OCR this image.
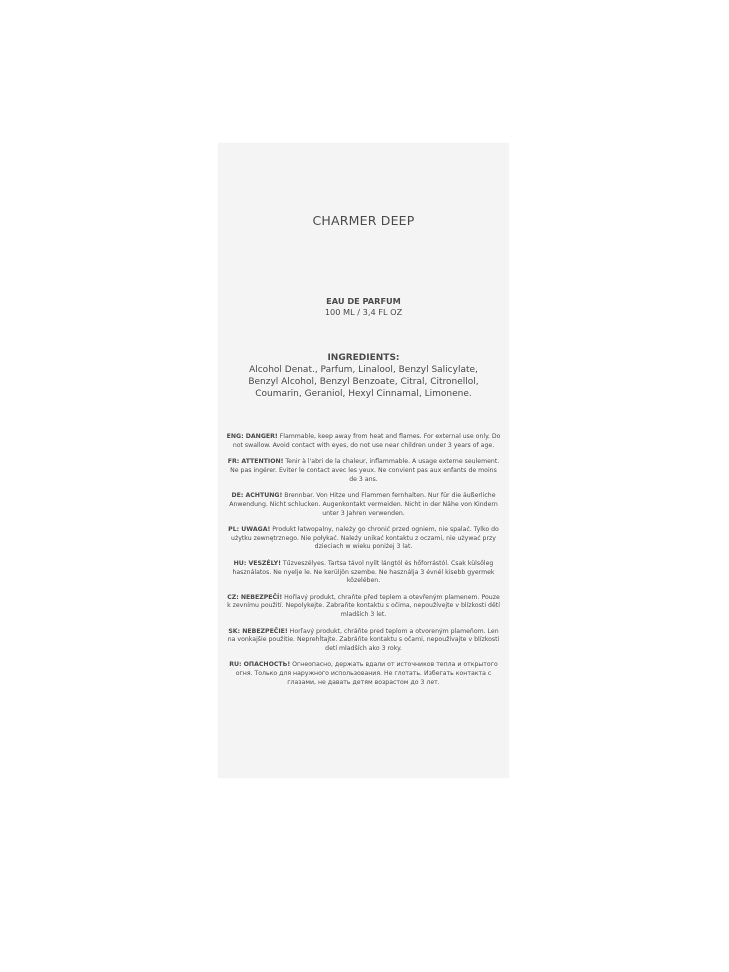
CHARMER DEEP
EAU DE PARFUM
100 ML / 3,4 FL OZ
INGREDIENTS:
Alcohol Denat., Parfum, Linalool, Benzyl Salicylate, Benzyl Alcohol, Benzyl Benzoate, Citral, Citronellol, Coumarin, Geraniol, Hexyl Cinnamal, Limonene.

ENG: DANGER! Flammable, keep away from heat and flames. For external use only. Do not swallow. Avoid contact with eyes, do not use near children under 3 years of age.

FR: ATTENTION! Tenir à l'abri de la chaleur, inflammable. A usage externe seulement. Ne pas ingérer. Eviter le contact avec les yeux. Ne convient pas aux enfants de moins de 3 ans.

DE: ACHTUNG! Brennbar. Von Hitze und Flammen fernhalten. Nur für die äußerliche Anwendung. Nicht schlucken. Augenkontakt vermeiden. Nicht in der Nähe von Kindern unter 3 Jahren verwenden.

PL: UWAGA! Produkt łatwopalny, należy go chronić przed ogniem, nie spalać. Tylko do użytku zewnętrznego. Nie połykać. Należy unikać kontaktu z oczami, nie używać przy dzieciach w wieku poniżej 3 lat.

HU: VESZÉLY! Tűzveszélyes. Tartsa távol nyílt lángtól és hőforrástól. Csak külsőleg használatos. Ne nyelje le. Ne kerüljön szembe. Ne használja 3 évnél kisebb gyermek közelében.

CZ: NEBEZPEČÍ! Hořlavý produkt, chraňte před teplem a otevřeným plamenem. Pouze k zevnímu použití. Nepolykejte. Zabraňte kontaktu s očima, nepoužívejte v blízkosti dětí mladších 3 let.

SK: NEBEZPEČIE! Horľavý produkt, chráňte pred teplom a otvoreným plameňom. Len na vonkajšie použitie. Neprehĺtajte. Zabráňte kontaktu s očami, nepoužívajte v blízkosti detí mladších ako 3 roky.

RU: ОПАСНОСТЬ! Огнеопасно, держать вдали от источников тепла и открытого огня. Только для наружного использования. Не глотать. Избегать контакта с глазами, не давать детям возрастом до 3 лет.
